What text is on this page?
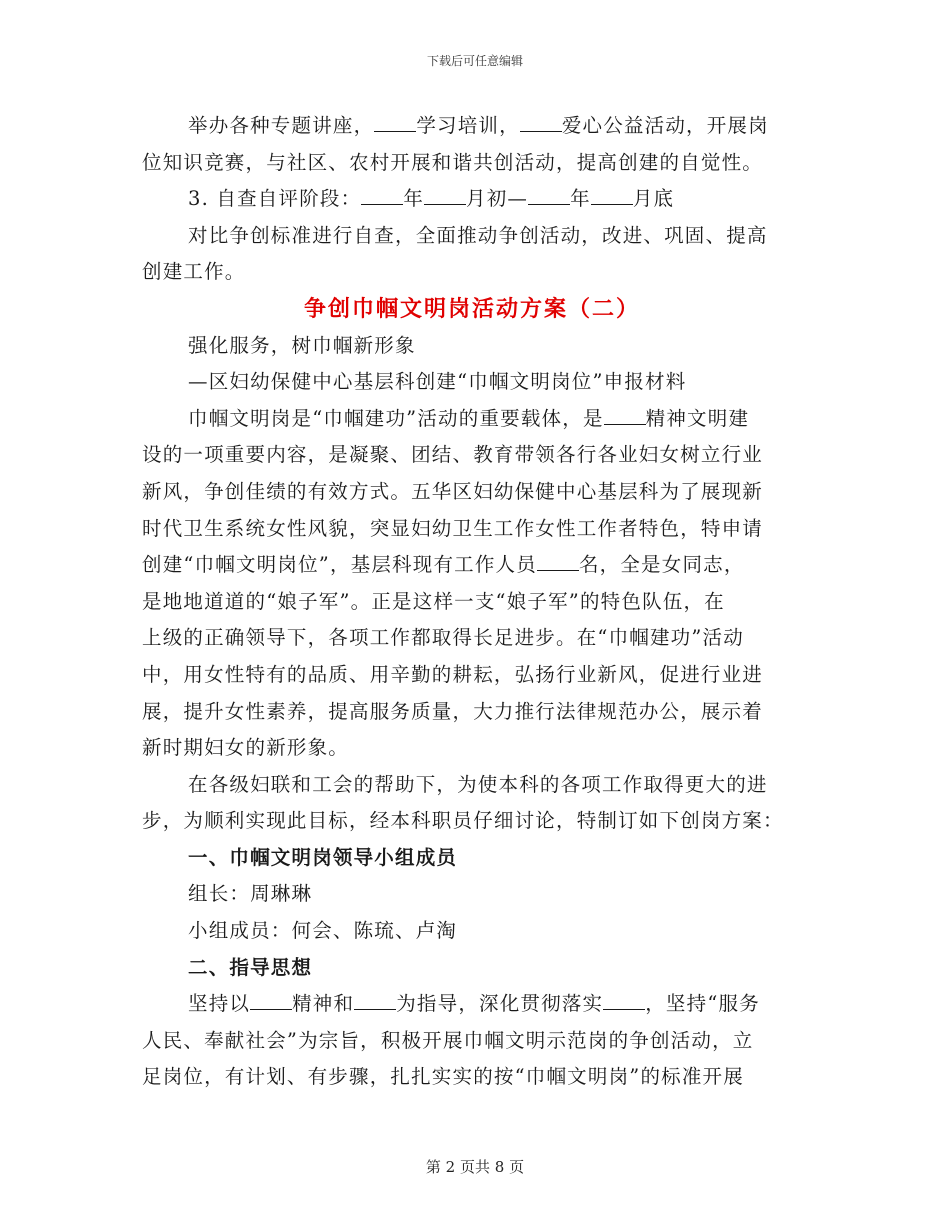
下载后可任意编辑
举办各种专题讲座， 学习培训， 爱心公益活动，开展岗
位知识竞赛，与社区、农村开展和谐共创活动，提高创建的自觉性。
3. 自查自评阶段： 年 月初— 年 月底
对比争创标准进行自查，全面推动争创活动，改进、巩固、提高
创建工作。
争创巾帼文明岗活动方案（二）
强化服务，树巾帼新形象
—区妇幼保健中心基层科创建“巾帼文明岗位”申报材料
巾帼文明岗是“巾帼建功”活动的重要载体，是 精神文明建
设的一项重要内容，是凝聚、团结、教育带领各行各业妇女树立行业
新风，争创佳绩的有效方式。五华区妇幼保健中心基层科为了展现新
时代卫生系统女性风貌，突显妇幼卫生工作女性工作者特色，特申请
创建“巾帼文明岗位”，基层科现有工作人员 名，全是女同志，
是地地道道的“娘子军”。正是这样一支“娘子军”的特色队伍，在
上级的正确领导下，各项工作都取得长足进步。在“巾帼建功”活动
中，用女性特有的品质、用辛勤的耕耘，弘扬行业新风，促进行业进
展，提升女性素养，提高服务质量，大力推行法律规范办公，展示着
新时期妇女的新形象。
在各级妇联和工会的帮助下，为使本科的各项工作取得更大的进
步，为顺利实现此目标，经本科职员仔细讨论，特制订如下创岗方案：
一、巾帼文明岗领导小组成员
组长：周琳琳
小组成员：何会、陈琉、卢淘
二、指导思想
坚持以 精神和 为指导，深化贯彻落实 ，坚持“服务
人民、奉献社会”为宗旨，积极开展巾帼文明示范岗的争创活动，立
足岗位，有计划、有步骤，扎扎实实的按“巾帼文明岗”的标准开展
第 2 页共 8 页
